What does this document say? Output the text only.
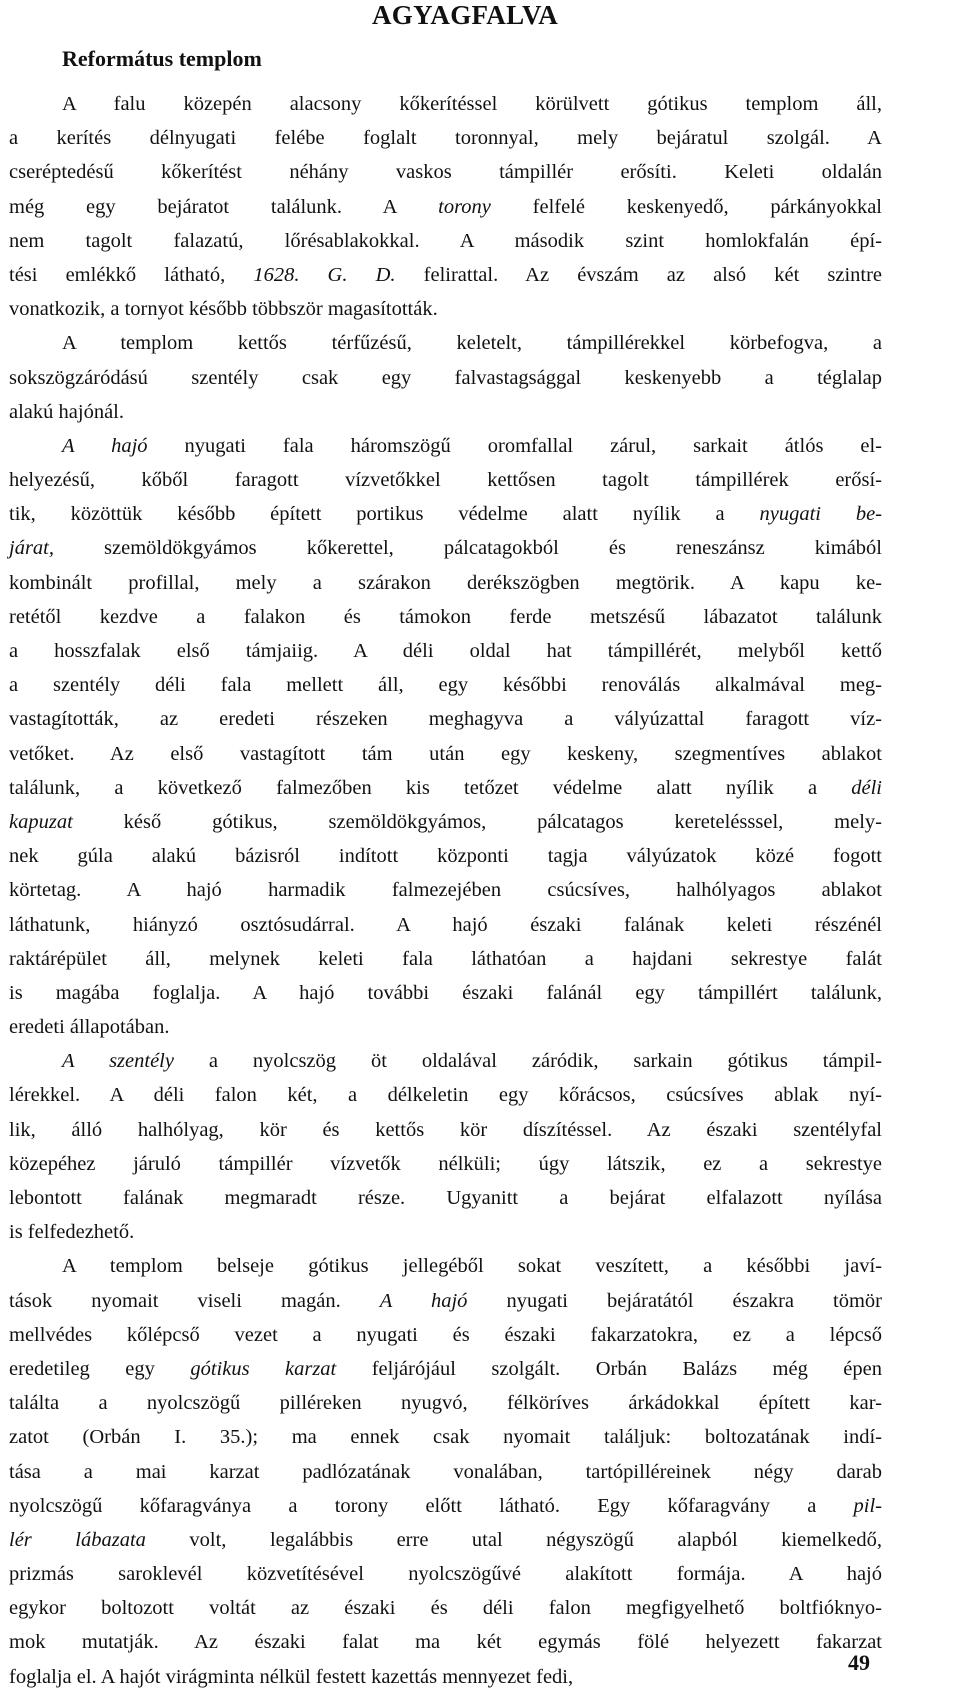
AGYAGFALVA
Református templom
A falu közepén alacsony kőkerítéssel körülvett gótikus templom áll,
a kerítés délnyugati felébe foglalt toronnyal, mely bejáratul szolgál. A
cseréptedésű kőkerítést néhány vaskos támpillér erősíti. Keleti oldalán
még egy bejáratot találunk. A torony felfelé keskenyedő, párkányokkal
nem tagolt falazatú, lőrésablakokkal. A második szint homlokfalán épí-
tési emlékkő látható, 1628. G. D. felirattal. Az évszám az alsó két szintre
vonatkozik, a tornyot később többször magasították.
A templom kettős térfűzésű, keletelt, támpillérekkel körbefogva, a
sokszögzáródású szentély csak egy falvastagsággal keskenyebb a téglalap
alakú hajónál.
A hajó nyugati fala háromszögű oromfallal zárul, sarkait átlós el-
helyezésű, kőből faragott vízvetőkkel kettősen tagolt támpillérek erősí-
tik, közöttük később épített portikus védelme alatt nyílik a nyugati be-
járat, szemöldökgyámos kőkerettel, pálcatagokból és reneszánsz kimából
kombinált profillal, mely a szárakon derékszögben megtörik. A kapu ke-
retétől kezdve a falakon és támokon ferde metszésű lábazatot találunk
a hosszfalak első támjaiig. A déli oldal hat támpillérét, melyből kettő
a szentély déli fala mellett áll, egy későbbi renoválás alkalmával meg-
vastagították, az eredeti részeken meghagyva a vályúzattal faragott víz-
vetőket. Az első vastagított tám után egy keskeny, szegmentíves ablakot
találunk, a következő falmezőben kis tetőzet védelme alatt nyílik a déli
kapuzat késő gótikus, szemöldökgyámos, pálcatagos keretelésssel, mely-
nek gúla alakú bázisról indított központi tagja vályúzatok közé fogott
körtetag. A hajó harmadik falmezejében csúcsíves, halhólyagos ablakot
láthatunk, hiányzó osztósudárral. A hajó északi falának keleti részénél
raktárépület áll, melynek keleti fala láthatóan a hajdani sekrestye falát
is magába foglalja. A hajó további északi falánál egy támpillért találunk,
eredeti állapotában.
A szentély a nyolcszög öt oldalával záródik, sarkain gótikus támpil-
lérekkel. A déli falon két, a délkeletin egy kőrácsos, csúcsíves ablak nyí-
lik, álló halhólyag, kör és kettős kör díszítéssel. Az északi szentélyfal
közepéhez járuló támpillér vízvetők nélküli; úgy látszik, ez a sekrestye
lebontott falának megmaradt része. Ugyanitt a bejárat elfalazott nyílása
is felfedezhető.
A templom belseje gótikus jellegéből sokat veszített, a későbbi javí-
tások nyomait viseli magán. A hajó nyugati bejáratától északra tömör
mellvédes kőlépcső vezet a nyugati és északi fakarzatokra, ez a lépcső
eredetileg egy gótikus karzat feljárójául szolgált. Orbán Balázs még épen
találta a nyolcszögű pilléreken nyugvó, félköríves árkádokkal épített kar-
zatot (Orbán I. 35.); ma ennek csak nyomait találjuk: boltozatának indí-
tása a mai karzat padlózatának vonalában, tartópilléreinek négy darab
nyolcszögű kőfaragványa a torony előtt látható. Egy kőfaragvány a pil-
lér lábazata volt, legalábbis erre utal négyszögű alapból kiemelkedő,
prizmás saroklevél közvetítésével nyolcszögűvé alakított formája. A hajó
egykor boltozott voltát az északi és déli falon megfigyelhető boltfióknyo-
mok mutatják. Az északi falat ma két egymás fölé helyezett fakarzat
foglalja el. A hajót virágminta nélkül festett kazettás mennyezet fedi,
49
